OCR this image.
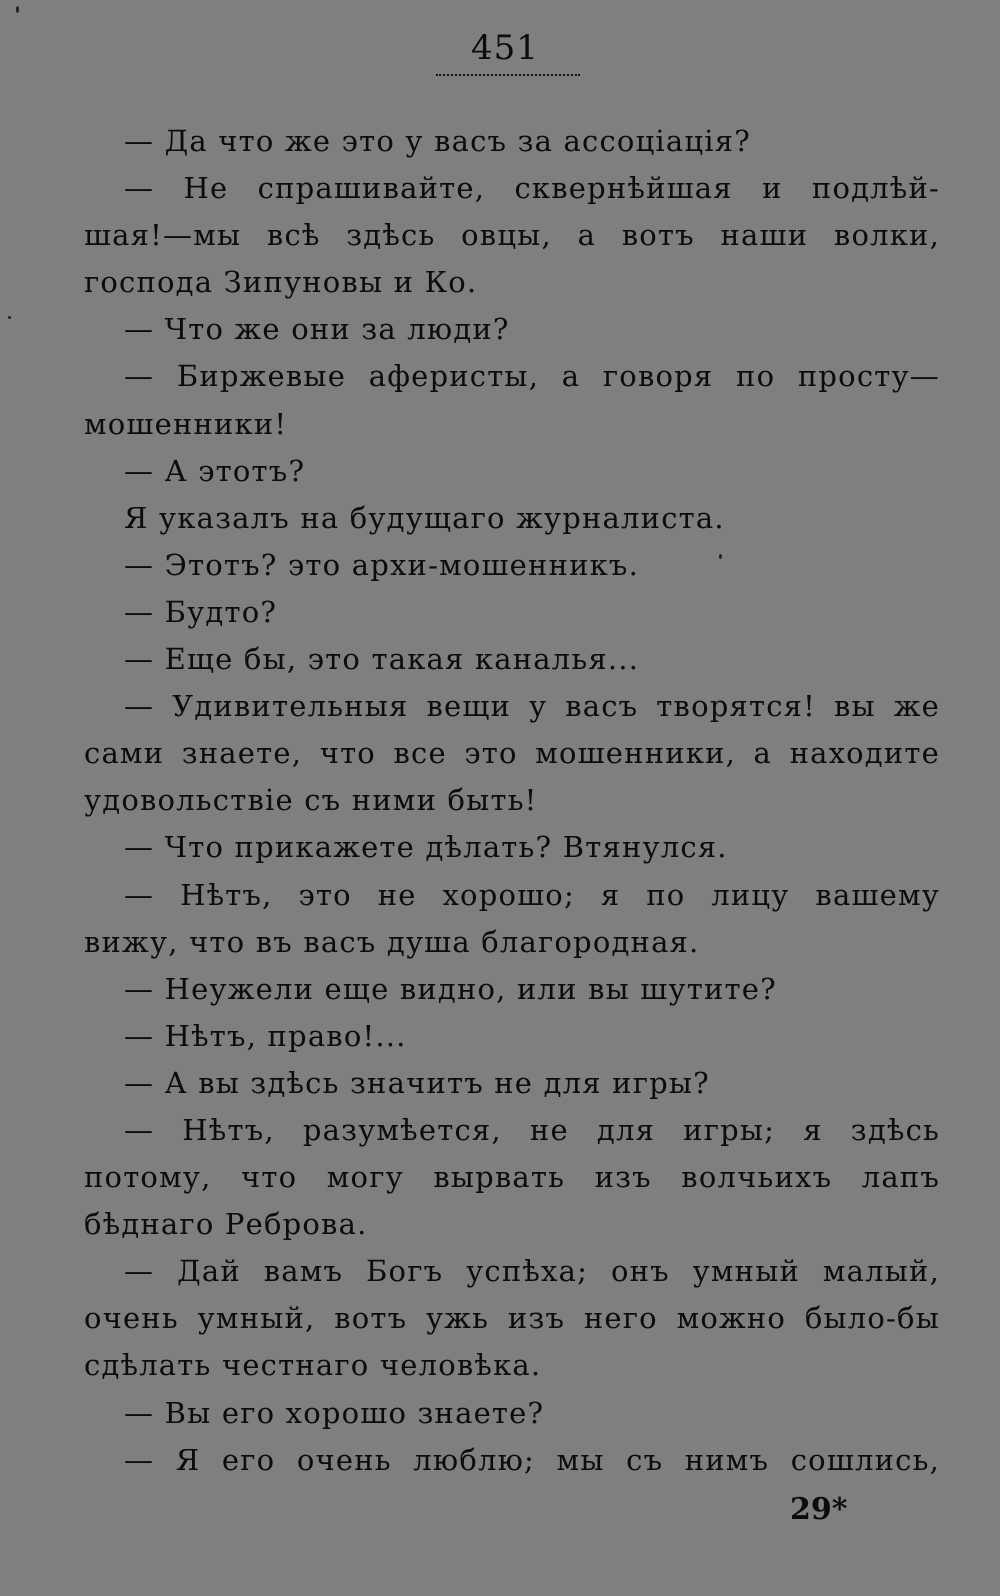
451
— Да что же это у васъ за ассоціація?
— Не спрашивайте, сквернѣйшая и подлѣй-
шая!—мы всѣ здѣсь овцы, а вотъ наши волки,
господа Зипуновы и Ко.
— Что же они за люди?
— Биржевые аферисты, а говоря по просту—
мошенники!
— А этотъ?
Я указалъ на будущаго журналиста.
— Этотъ? это архи-мошенникъ.
— Будто?
— Еще бы, это такая каналья...
— Удивительныя вещи у васъ творятся! вы же
сами знаете, что все это мошенники, а находите
удовольствіе съ ними быть!
— Что прикажете дѣлать? Втянулся.
— Нѣтъ, это не хорошо; я по лицу вашему
вижу, что въ васъ душа благородная.
— Неужели еще видно, или вы шутите?
— Нѣтъ, право!...
— А вы здѣсь значитъ не для игры?
— Нѣтъ, разумѣется, не для игры; я здѣсь
потому, что могу вырвать изъ волчьихъ лапъ
бѣднаго Реброва.
— Дай вамъ Богъ успѣха; онъ умный малый,
очень умный, вотъ ужь изъ него можно было-бы
сдѣлать честнаго человѣка.
— Вы его хорошо знаете?
— Я его очень люблю; мы съ нимъ сошлись,
29*
